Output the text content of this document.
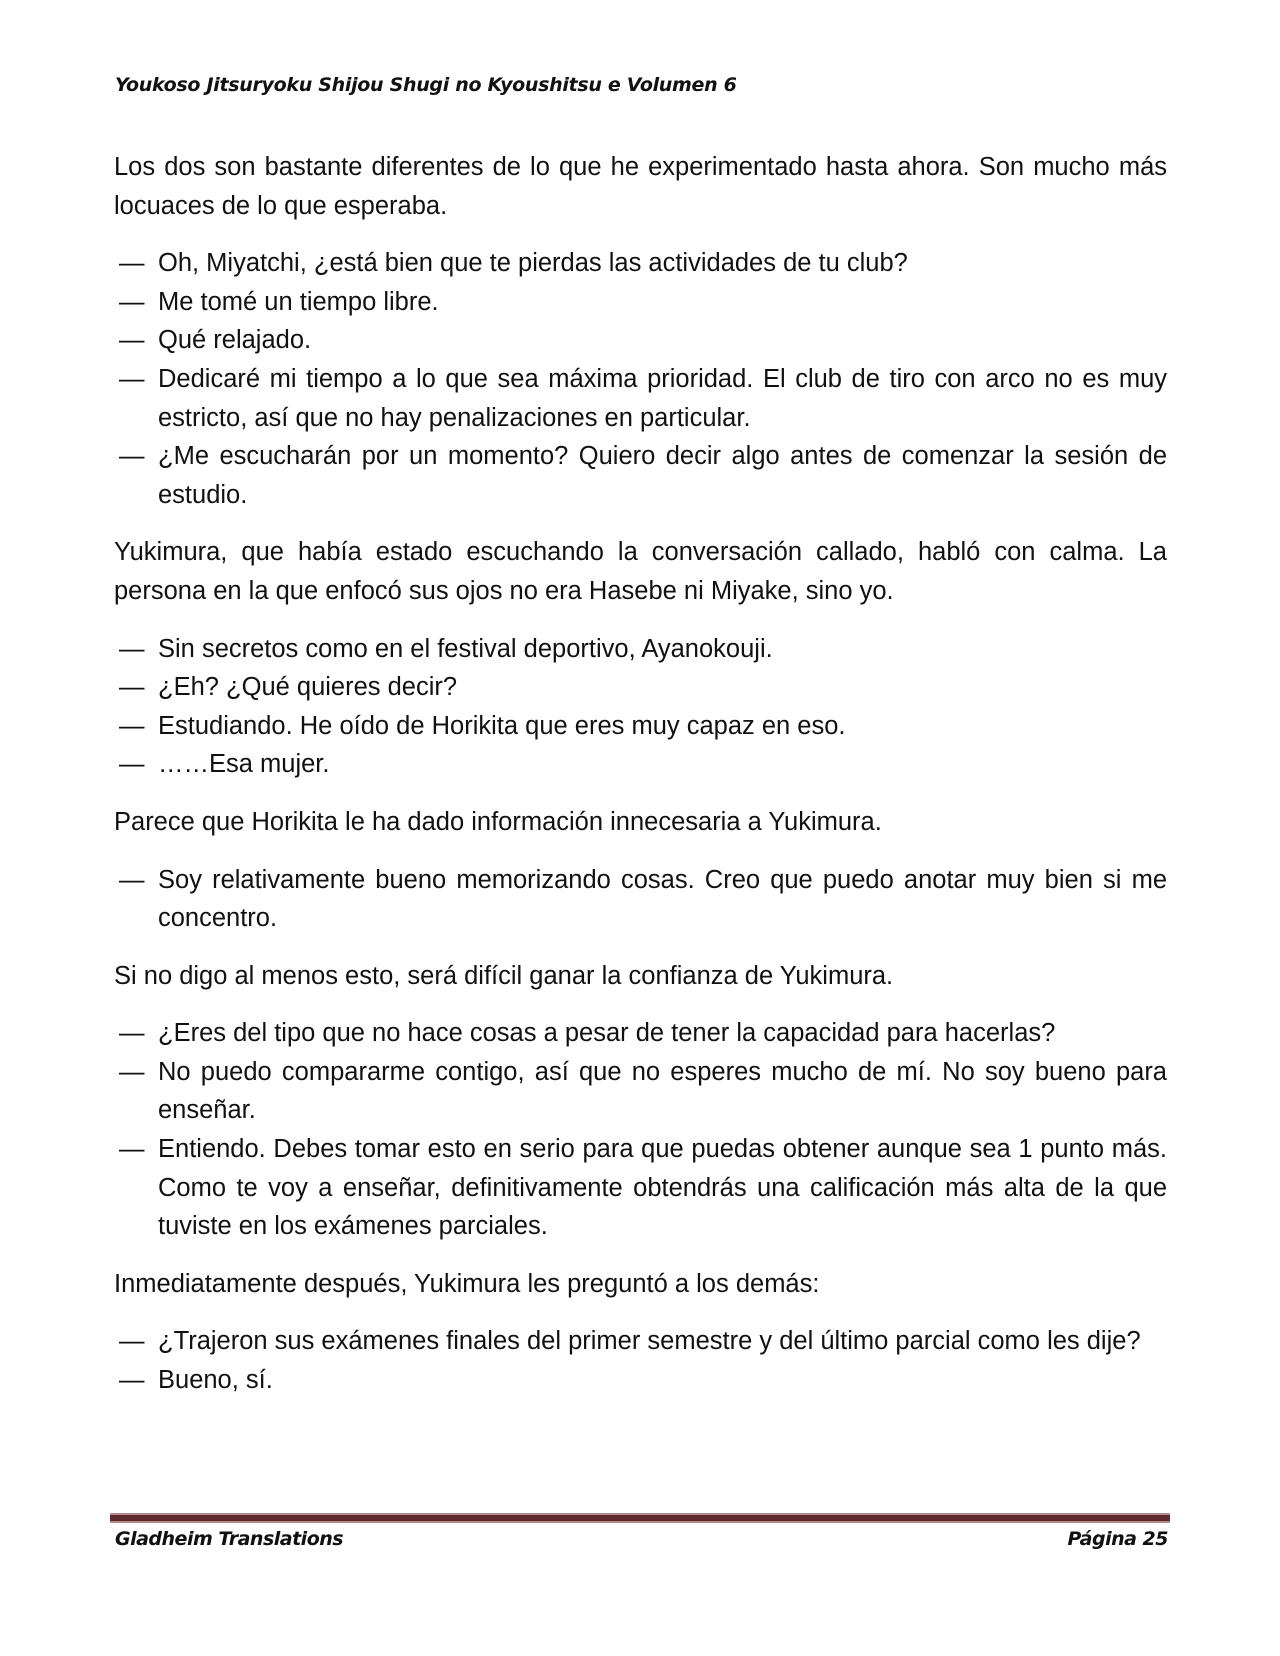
Youkoso Jitsuryoku Shijou Shugi no Kyoushitsu e Volumen 6

Los dos son bastante diferentes de lo que he experimentado hasta ahora. Son mucho más locuaces de lo que esperaba.

— Oh, Miyatchi, ¿está bien que te pierdas las actividades de tu club?
— Me tomé un tiempo libre.
— Qué relajado.
— Dedicaré mi tiempo a lo que sea máxima prioridad. El club de tiro con arco no es muy estricto, así que no hay penalizaciones en particular.
— ¿Me escucharán por un momento? Quiero decir algo antes de comenzar la sesión de estudio.

Yukimura, que había estado escuchando la conversación callado, habló con calma. La persona en la que enfocó sus ojos no era Hasebe ni Miyake, sino yo.

— Sin secretos como en el festival deportivo, Ayanokouji.
— ¿Eh? ¿Qué quieres decir?
— Estudiando. He oído de Horikita que eres muy capaz en eso.
— ……Esa mujer.

Parece que Horikita le ha dado información innecesaria a Yukimura.

— Soy relativamente bueno memorizando cosas. Creo que puedo anotar muy bien si me concentro.

Si no digo al menos esto, será difícil ganar la confianza de Yukimura.

— ¿Eres del tipo que no hace cosas a pesar de tener la capacidad para hacerlas?
— No puedo compararme contigo, así que no esperes mucho de mí. No soy bueno para enseñar.
— Entiendo. Debes tomar esto en serio para que puedas obtener aunque sea 1 punto más. Como te voy a enseñar, definitivamente obtendrás una calificación más alta de la que tuviste en los exámenes parciales.

Inmediatamente después, Yukimura les preguntó a los demás:

— ¿Trajeron sus exámenes finales del primer semestre y del último parcial como les dije?
— Bueno, sí.
Gladheim Translations	Página 25
